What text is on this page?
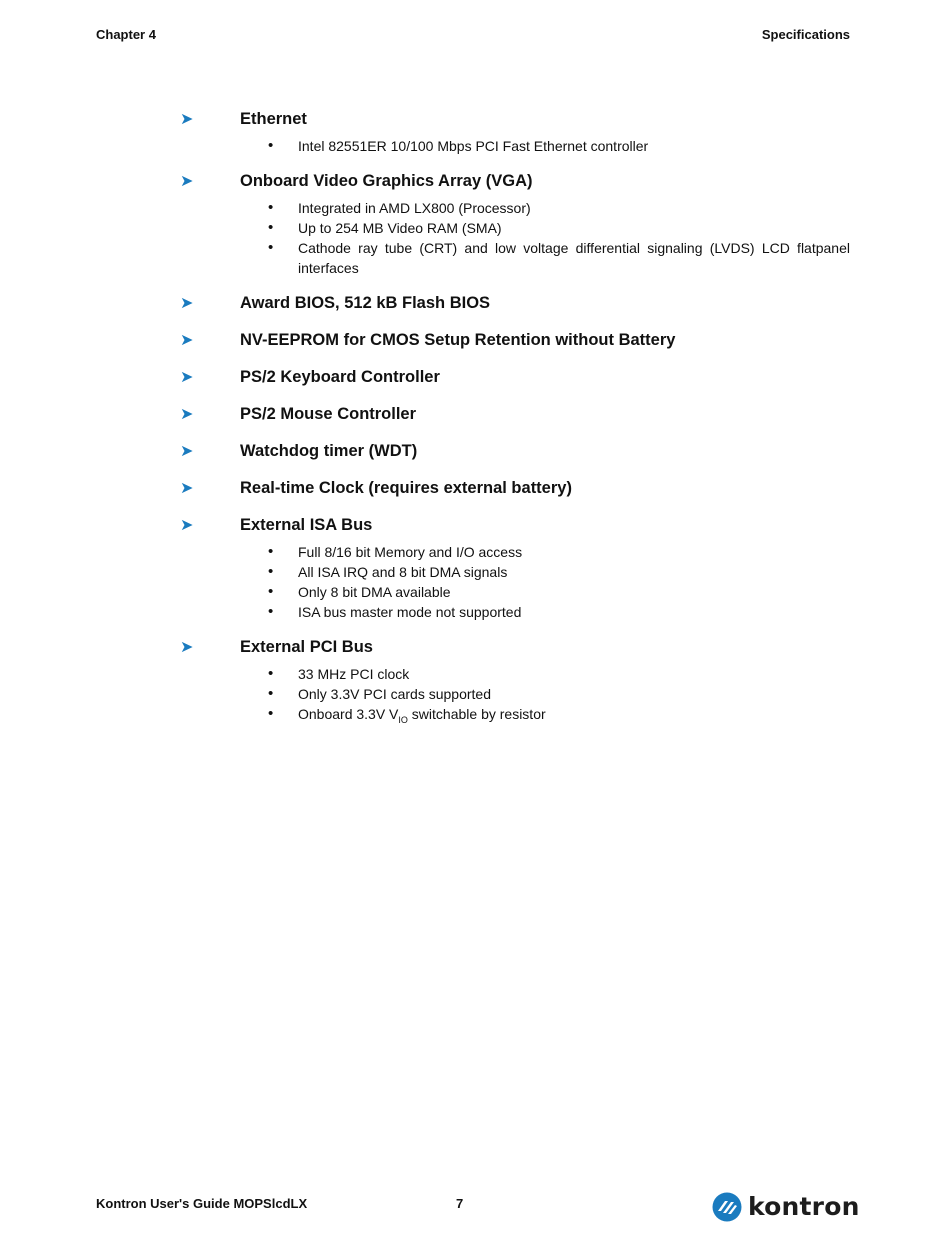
Chapter 4	Specifications
➤	Ethernet
• Intel 82551ER 10/100 Mbps PCI Fast Ethernet controller
➤	Onboard Video Graphics Array (VGA)
• Integrated in AMD LX800 (Processor)
• Up to 254 MB Video RAM (SMA)
• Cathode ray tube (CRT) and low voltage differential signaling (LVDS) LCD flatpanel interfaces
➤	Award BIOS, 512 kB Flash BIOS
➤	NV-EEPROM for CMOS Setup Retention without Battery
➤	PS/2 Keyboard Controller
➤	PS/2 Mouse Controller
➤	Watchdog timer (WDT)
➤	Real-time Clock (requires external battery)
➤	External ISA Bus
• Full 8/16 bit Memory and I/O access
• All ISA IRQ and 8 bit DMA signals
• Only 8 bit DMA available
• ISA bus master mode not supported
➤	External PCI Bus
• 33 MHz PCI clock
• Only 3.3V PCI cards supported
• Onboard 3.3V $V_{IO}$ switchable by resistor
Kontron User's Guide MOPSlcdLX	7	kontron
